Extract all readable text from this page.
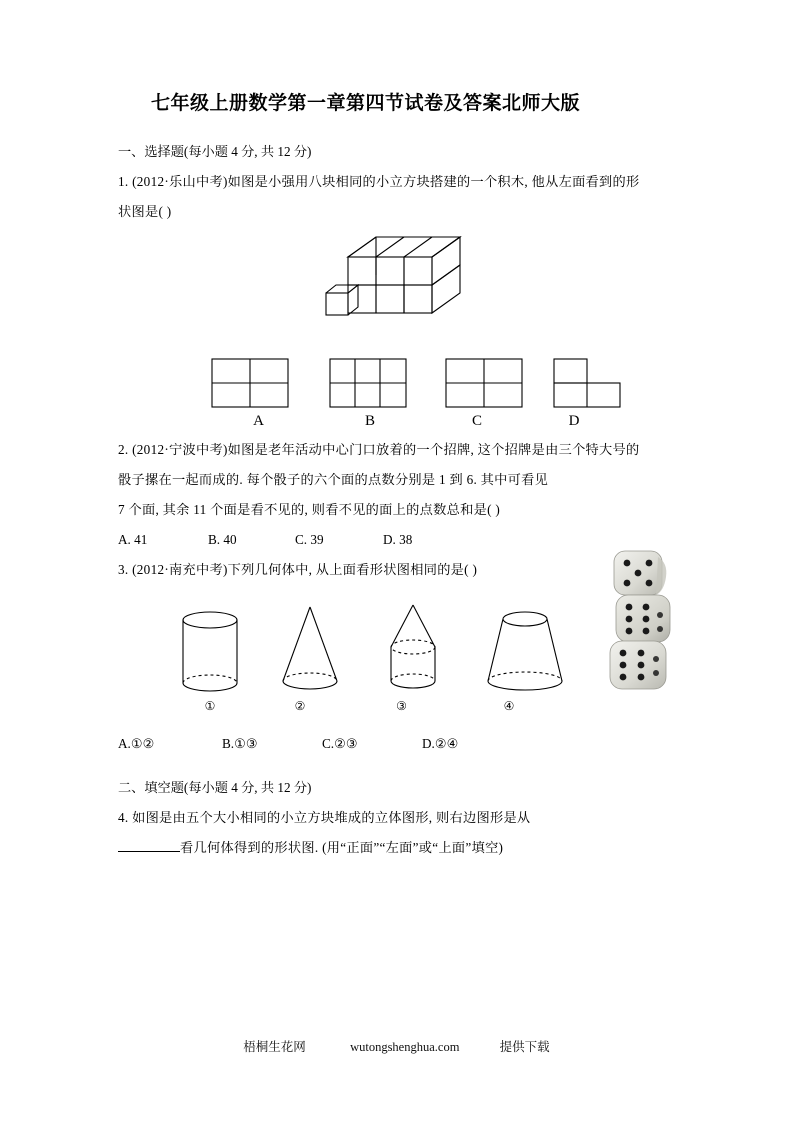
七年级上册数学第一章第四节试卷及答案北师大版

一、选择题(每小题 4 分, 共 12 分)

1. (2012·乐山中考)如图是小强用八块相同的小立方块搭建的一个积木, 他从左面看到的形

状图是( )

A	B	C	D

2. (2012·宁波中考)如图是老年活动中心门口放着的一个招牌, 这个招牌是由三个特大号的

骰子摞在一起而成的. 每个骰子的六个面的点数分别是 1 到 6. 其中可看见

7 个面, 其余 11 个面是看不见的, 则看不见的面上的点数总和是( )

A. 41	B. 40	C. 39	D. 38

3. (2012·南充中考)下列几何体中, 从上面看形状图相同的是( )

①	②	③	④
A.①②	B.①③	C.②③	D.②④

二、填空题(每小题 4 分, 共 12 分)

4. 如图是由五个大小相同的小立方块堆成的立体图形, 则右边图形是从

看几何体得到的形状图. (用“正面”“左面”或“上面”填空)

梧桐生花网	wutongshenghua.com	提供下载
